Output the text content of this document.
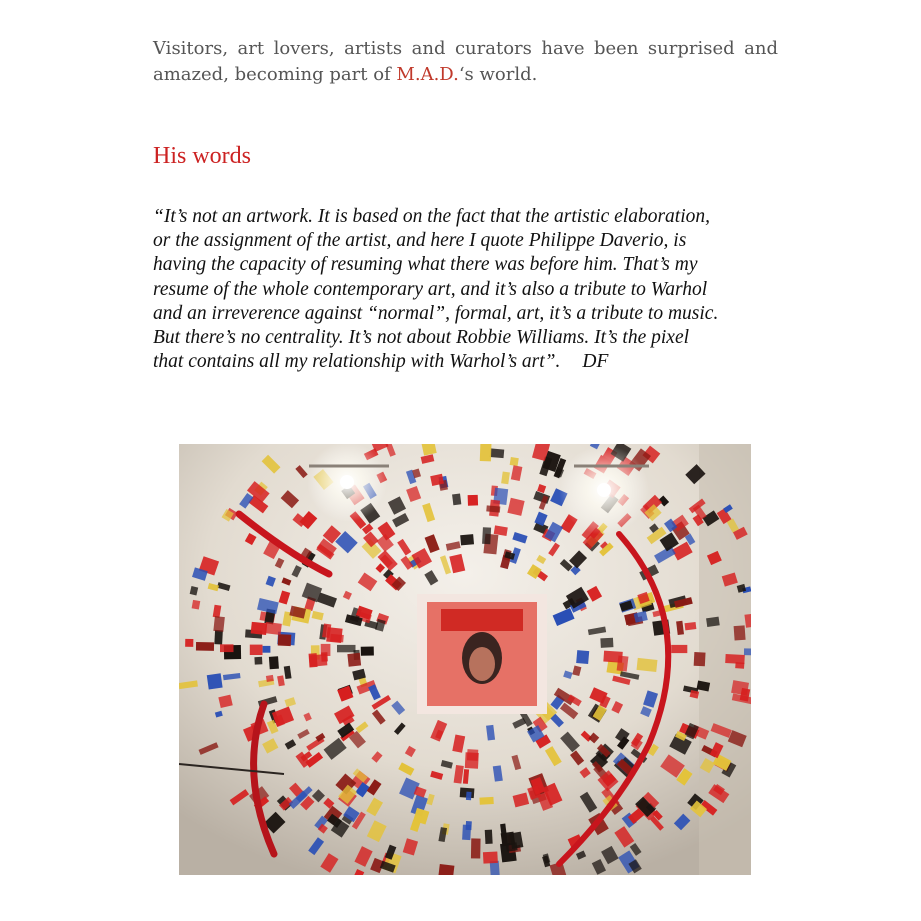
Visitors, art lovers, artists and curators have been surprised and amazed, becoming part of M.A.D.‘s world.

His words

“It’s not an artwork. It is based on the fact that the artistic elaboration,
or the assignment of the artist, and here I quote Philippe Daverio, is
having the capacity of resuming what there was before him. That’s my
resume of the whole contemporary art, and it’s also a tribute to Warhol
and an irreverence against “normal”, formal, art, it’s a tribute to music.
But there’s no centrality. It’s not about Robbie Williams. It’s the pixel
that contains all my relationship with Warhol’s art”. DF
